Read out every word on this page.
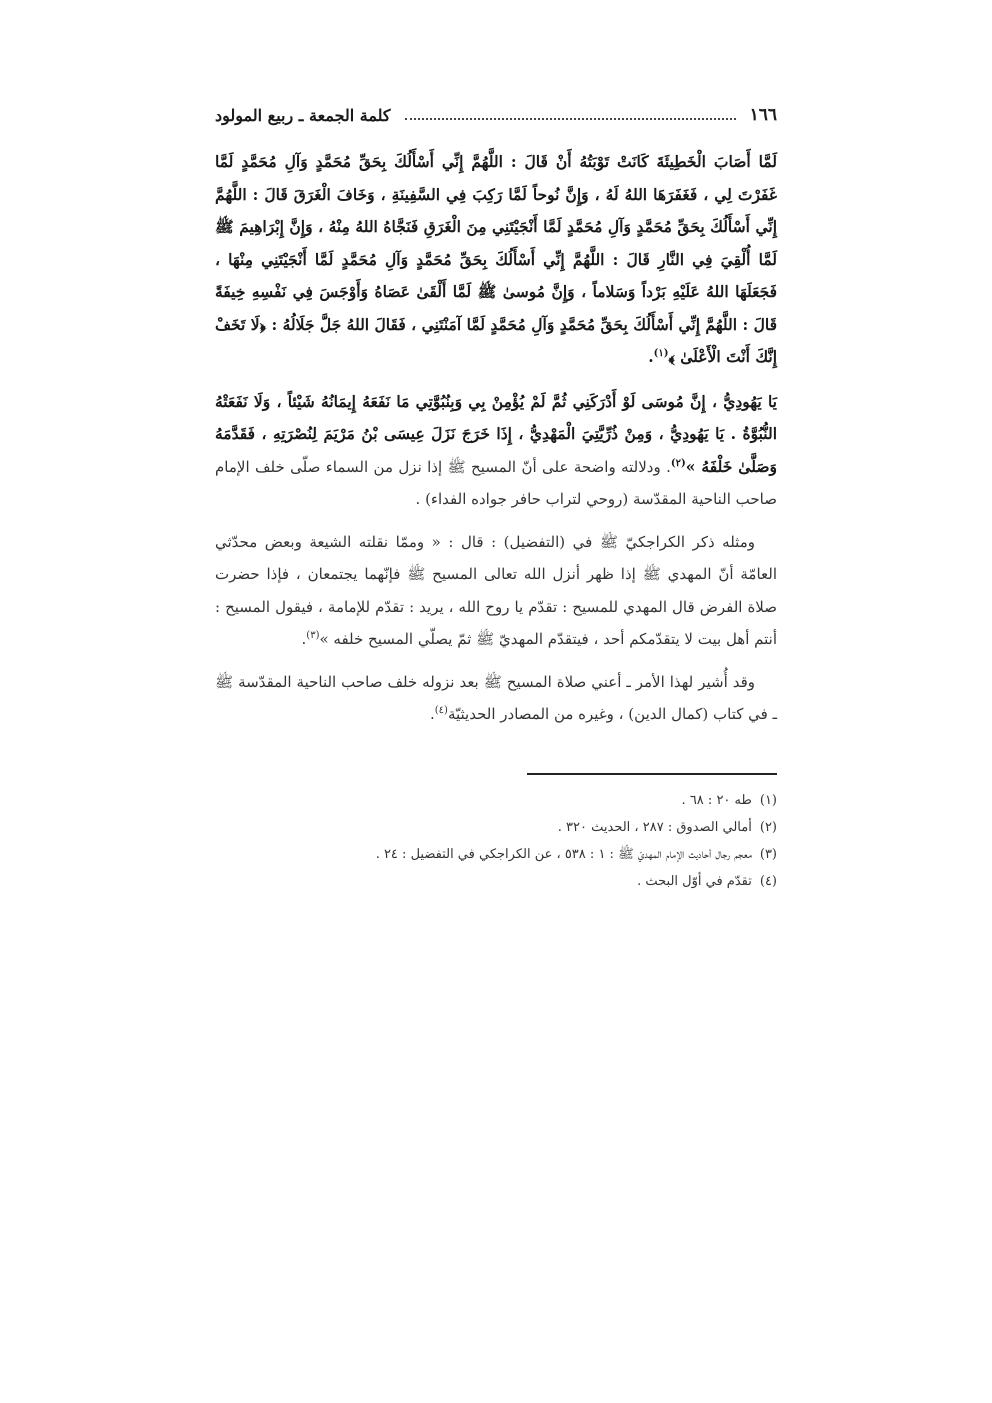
١٦٦
كلمة الجمعة ـ ربيع المولود

لَمَّا أَصَابَ الْخَطِيئَةَ كَانَتْ تَوْبَتُهُ أَنْ قَالَ : اللَّهُمَّ إِنِّي أَسْأَلُكَ بِحَقِّ مُحَمَّدٍ وَآلِ مُحَمَّدٍ لَمَّا غَفَرْتَ لِي ، فَغَفَرَهَا اللهُ لَهُ ، وَإِنَّ نُوحاً لَمَّا رَكِبَ فِي السَّفِينَةِ ، وَخَافَ الْغَرَقَ قَالَ : اللَّهُمَّ إِنِّي أَسْأَلُكَ بِحَقِّ مُحَمَّدٍ وَآلِ مُحَمَّدٍ لَمَّا أَنْجَيْتَنِي مِنَ الْغَرَقِ فَنَجَّاهُ اللهُ مِنْهُ ، وَإِنَّ إِبْرَاهِيمَ ﷺ لَمَّا أُلْقِيَ فِي النَّارِ قَالَ : اللَّهُمَّ إِنِّي أَسْأَلُكَ بِحَقِّ مُحَمَّدٍ وَآلِ مُحَمَّدٍ لَمَّا أَنْجَيْتَنِي مِنْهَا ، فَجَعَلَهَا اللهُ عَلَيْهِ بَرْداً وَسَلاماً ، وَإِنَّ مُوسىٰ ﷺ لَمَّا أَلْقَىٰ عَصَاهُ وَأَوْجَسَ فِي نَفْسِهِ خِيفَةً قَالَ : اللَّهُمَّ إِنِّي أَسْأَلُكَ بِحَقِّ مُحَمَّدٍ وَآلِ مُحَمَّدٍ لَمَّا آمَنْتَنِي ، فَقَالَ اللهُ جَلَّ جَلَالُهُ : ﴿لَا تَخَفْ إِنَّكَ أَنْتَ الْأَعْلَىٰ ﴾$^{(١)}$.

يَا يَهُودِيُّ ، إِنَّ مُوسَى لَوْ أَدْرَكَنِي ثُمَّ لَمْ يُؤْمِنْ بِي وَبِنُبُوَّتِي مَا نَفَعَهُ إِيمَانُهُ شَيْئاً ، وَلَا نَفَعَتْهُ النُّبُوَّةُ . يَا يَهُودِيُّ ، وَمِنْ ذُرِّيَّتِيَ الْمَهْدِيُّ ، إِذَا خَرَجَ نَزَلَ عِيسَى بْنُ مَرْيَمَ لِنُصْرَتِهِ ، فَقَدَّمَهُ وَصَلَّىٰ خَلْفَهُ »$^{(٢)}$. ودلالته واضحة على أنّ المسيح ﷺ إذا نزل من السماء صلّى خلف الإمام صاحب الناحية المقدّسة (روحي لتراب حافر جواده الفداء) .

ومثله ذكر الكراجكيّ ﷺ في (التفضيل) : قال : « وممّا نقلته الشيعة وبعض محدّثي العامّة أنّ المهدي ﷺ إذا ظهر أنزل الله تعالى المسيح ﷺ فإنّهما يجتمعان ، فإذا حضرت صلاة الفرض قال المهدي للمسيح : تقدّم يا روح الله ، يريد : تقدّم للإمامة ، فيقول المسيح : أنتم أهل بيت لا يتقدّمكم أحد ، فيتقدّم المهديّ ﷺ ثمّ يصلّي المسيح خلفه »$^{(٣)}$.

وقد أُشير لهذا الأمر ـ أعني صلاة المسيح ﷺ بعد نزوله خلف صاحب الناحية المقدّسة ﷺ ـ في كتاب (كمال الدين) ، وغيره من المصادر الحديثيّة$^{(٤)}$.

(١)طه ٢٠ : ٦٨ .
(٢)أمالي الصدوق : ٢٨٧ ، الحديث ٣٢٠ .
(٣)معجم رجال أحاديث الإمام المهديّ ﷺ : ١ : ٥٣٨ ، عن الكراجكي في التفضيل : ٢٤ .
(٤)تقدّم في أوّل البحث .
